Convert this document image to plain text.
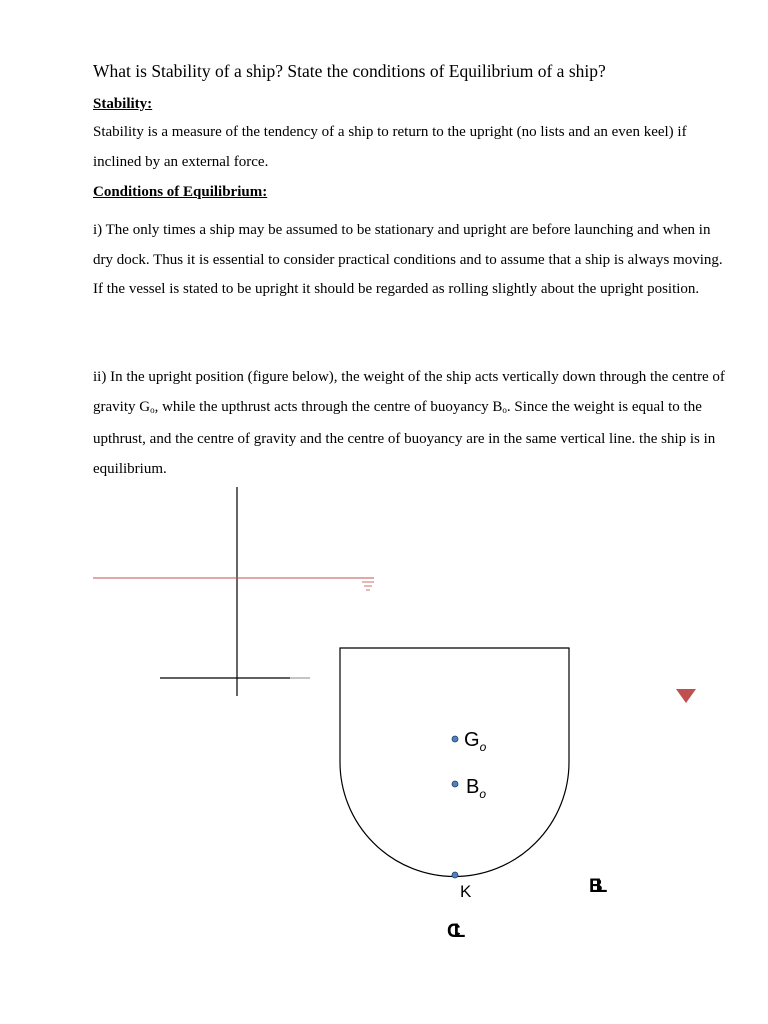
What is Stability of a ship? State the conditions of Equilibrium of a ship?
Stability:
Stability is a measure of the tendency of a ship to return to the upright (no lists and an even keel) if inclined by an external force.
Conditions of Equilibrium:
i) The only times a ship may be assumed to be stationary and upright are before launching and when in dry dock. Thus it is essential to consider practical conditions and to assume that a ship is always moving. If the vessel is stated to be upright it should be regarded as rolling slightly about the upright position.
ii) In the upright position (figure below), the weight of the ship acts vertically down through the centre of gravity $G_o$, while the upthrust acts through the centre of buoyancy $B_o$. Since the weight is equal to the upthrust, and the centre of gravity and the centre of buoyancy are in the same vertical line. the ship is in equilibrium.
$G_o$
$B_o$
K	BL
CL
